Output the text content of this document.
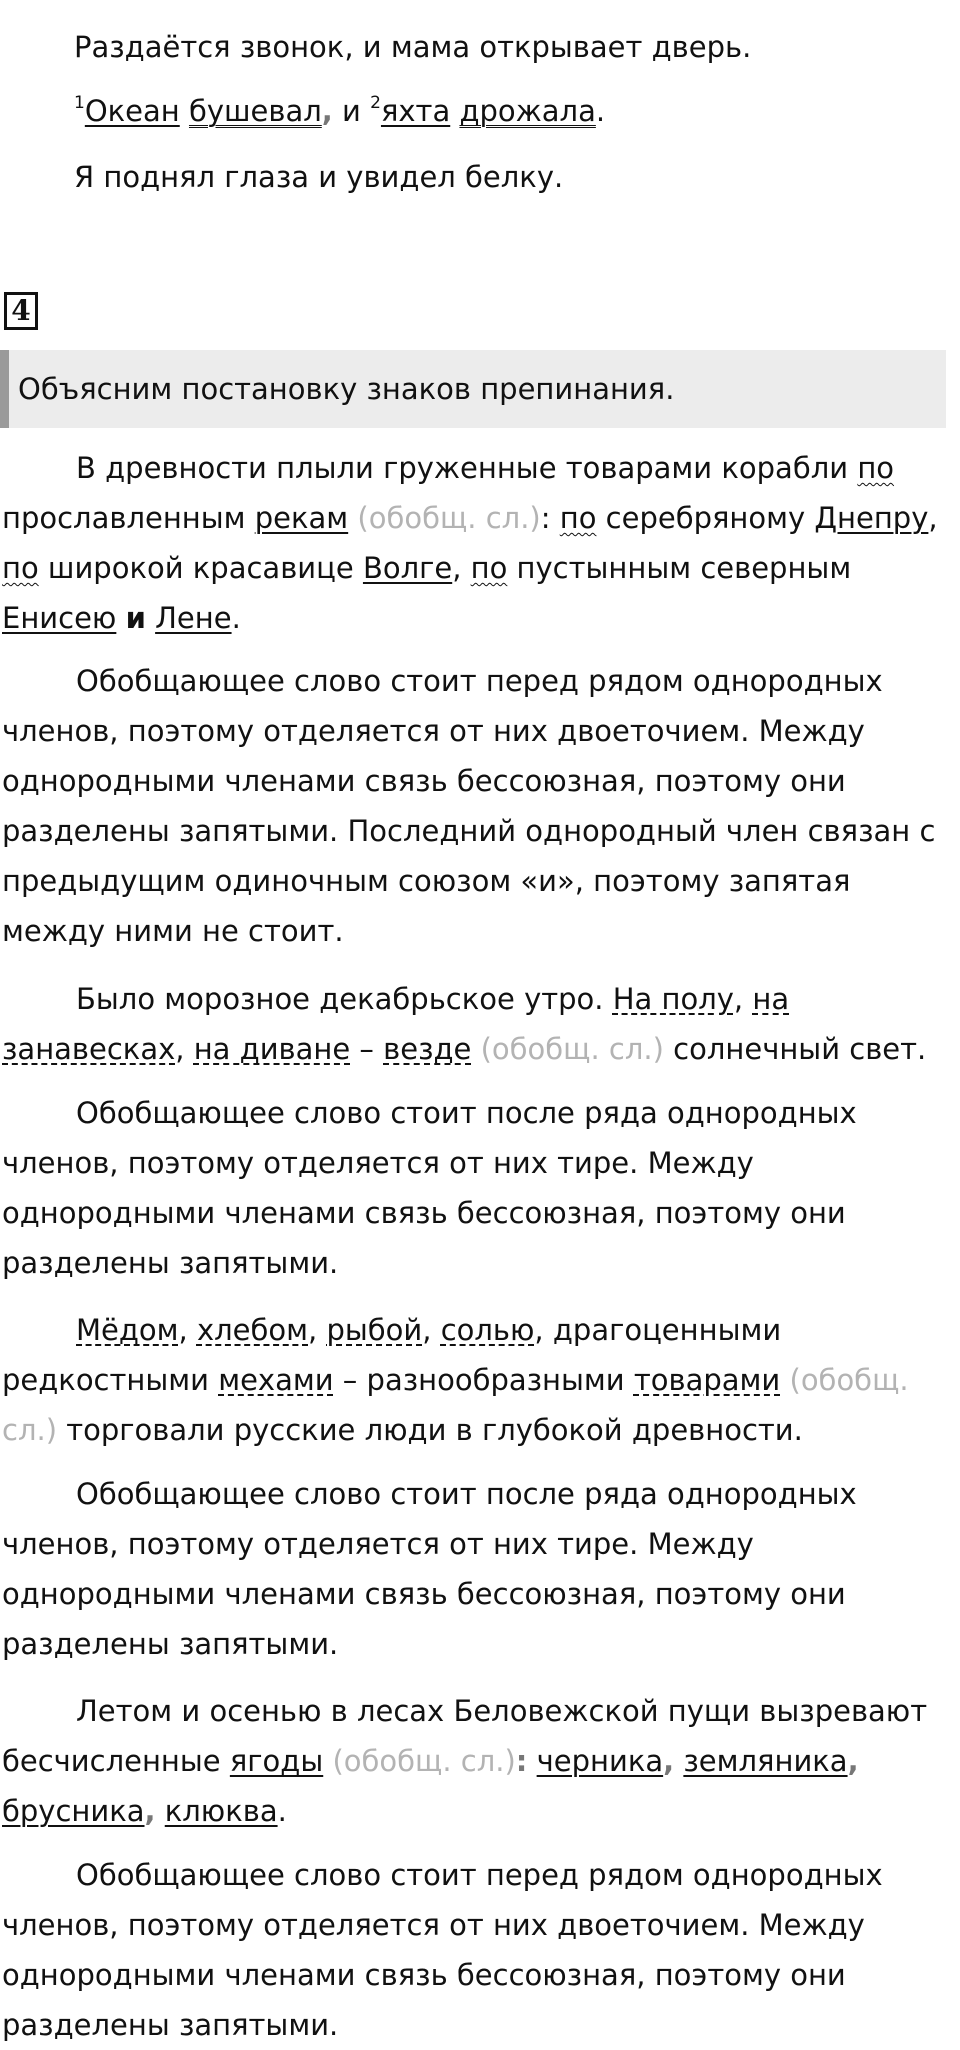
Раздаётся звонок, и мама открывает дверь.

$^1$Океан бушевал, и $^2$яхта дрожала.

Я поднял глаза и увидел белку.

4
Объясним постановку знаков препинания.

В древности плыли груженные товарами корабли по прославленным рекам (обобщ. сл.): по серебряному Днепру, по широкой красавице Волге, по пустынным северным Енисею и Лене.

Обобщающее слово стоит перед рядом однородных членов, поэтому отделяется от них двоеточием. Между однородными членами связь бессоюзная, поэтому они разделены запятыми. Последний однородный член связан с предыдущим одиночным союзом «и», поэтому запятая между ними не стоит.

Было морозное декабрьское утро. На полу, на занавесках, на диване – везде (обобщ. сл.) солнечный свет.

Обобщающее слово стоит после ряда однородных членов, поэтому отделяется от них тире. Между однородными членами связь бессоюзная, поэтому они разделены запятыми.

Мёдом, хлебом, рыбой, солью, драгоценными редкостными мехами – разнообразными товарами (обобщ. сл.) торговали русские люди в глубокой древности.

Обобщающее слово стоит после ряда однородных членов, поэтому отделяется от них тире. Между однородными членами связь бессоюзная, поэтому они разделены запятыми.

Летом и осенью в лесах Беловежской пущи вызревают бесчисленные ягоды (обобщ. сл.): черника, земляника, брусника, клюква.

Обобщающее слово стоит перед рядом однородных членов, поэтому отделяется от них двоеточием. Между однородными членами связь бессоюзная, поэтому они разделены запятыми.
